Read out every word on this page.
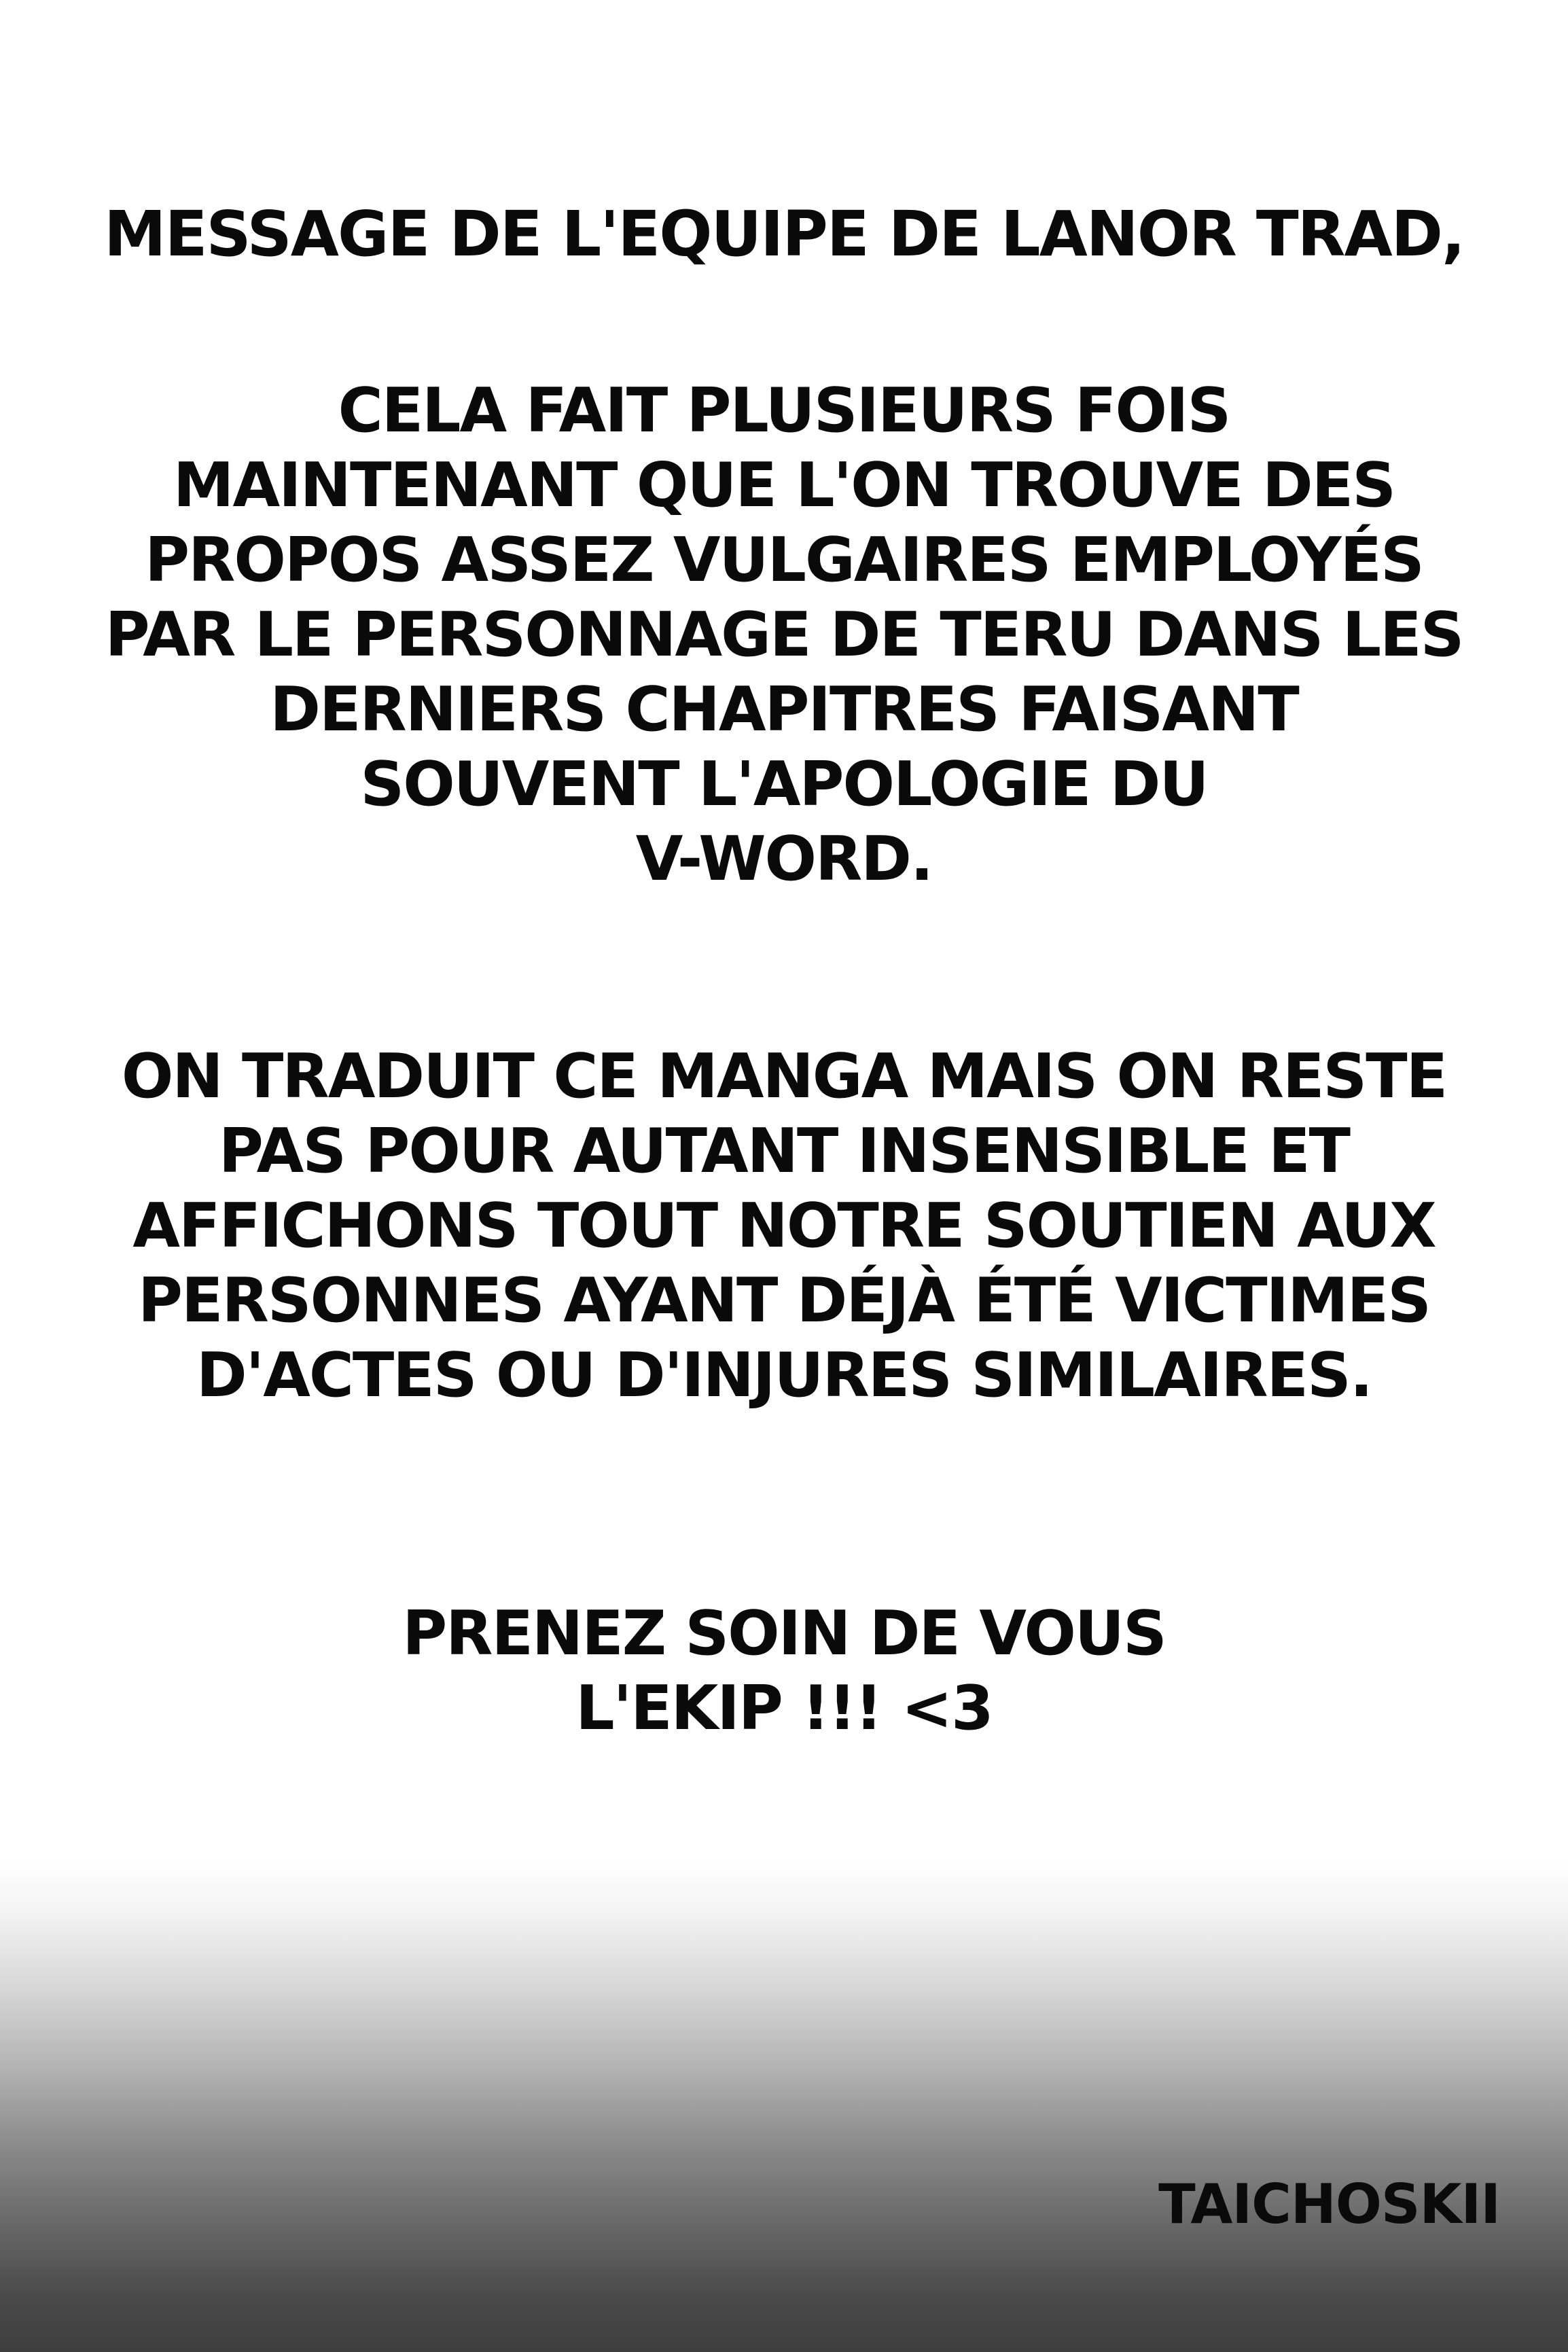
MESSAGE DE L'EQUIPE DE LANOR TRAD,
CELA FAIT PLUSIEURS FOIS
MAINTENANT QUE L'ON TROUVE DES
PROPOS ASSEZ VULGAIRES EMPLOYÉS
PAR LE PERSONNAGE DE TERU DANS LES
DERNIERS CHAPITRES FAISANT
SOUVENT L'APOLOGIE DU
V-WORD.
ON TRADUIT CE MANGA MAIS ON RESTE
PAS POUR AUTANT INSENSIBLE ET
AFFICHONS TOUT NOTRE SOUTIEN AUX
PERSONNES AYANT DÉJÀ ÉTÉ VICTIMES
D'ACTES OU D'INJURES SIMILAIRES.
PRENEZ SOIN DE VOUS
L'EKIP !!! <3
TAICHOSKII
